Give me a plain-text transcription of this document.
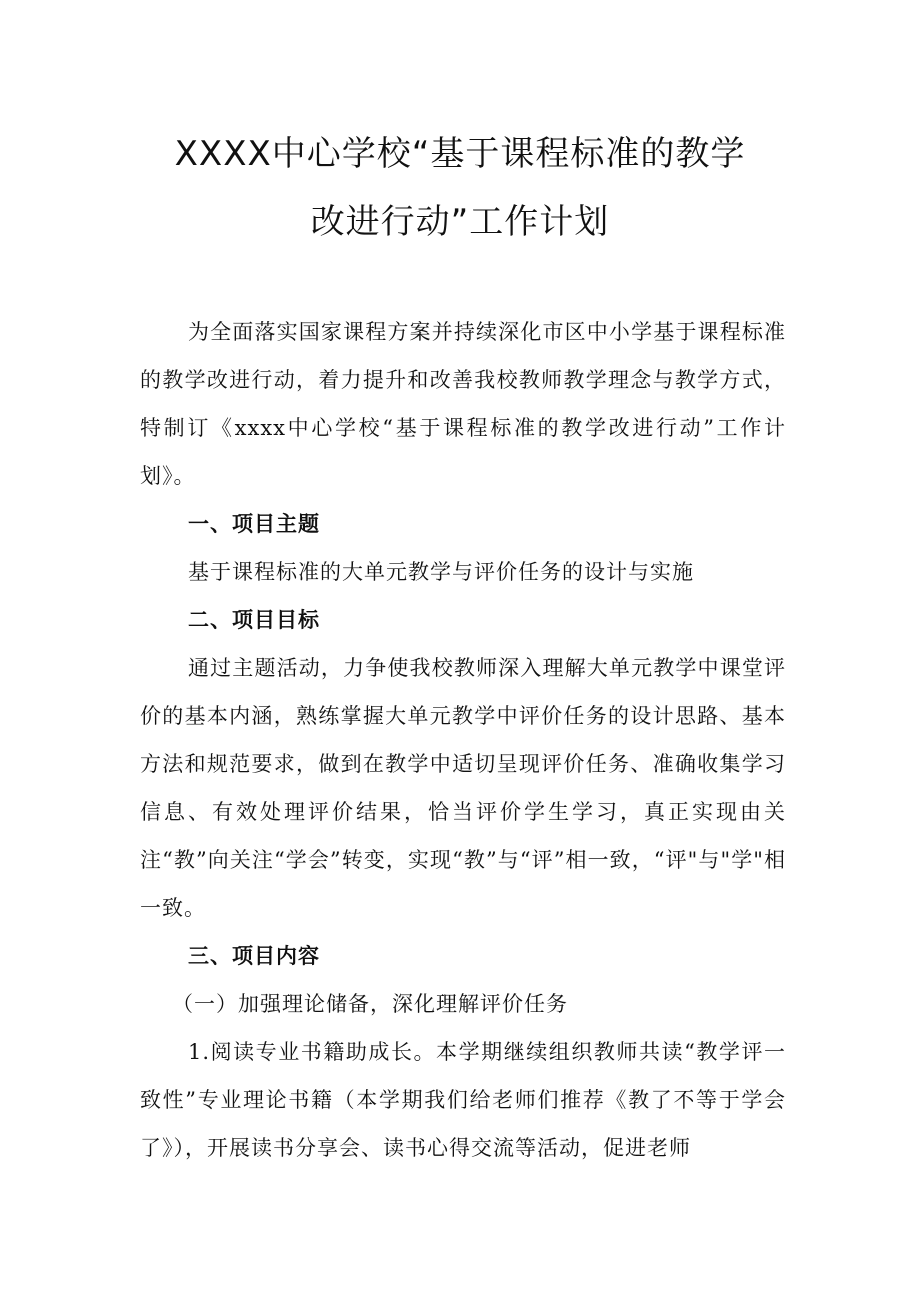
XXXX中心学校“基于课程标准的教学
改进行动”工作计划

为全面落实国家课程方案并持续深化市区中小学基于课程标准的教学改进行动，着力提升和改善我校教师教学理念与教学方式，特制订《xxxx中心学校“基于课程标准的教学改进行动”工作计划》。

一、项目主题

基于课程标准的大单元教学与评价任务的设计与实施

二、项目目标

通过主题活动，力争使我校教师深入理解大单元教学中课堂评价的基本内涵，熟练掌握大单元教学中评价任务的设计思路、基本方法和规范要求，做到在教学中适切呈现评价任务、准确收集学习信息、有效处理评价结果，恰当评价学生学习，真正实现由关注“教”向关注“学会”转变，实现“教”与“评”相一致，“评"与"学"相一致。

三、项目内容

（一）加强理论储备，深化理解评价任务

1.阅读专业书籍助成长。本学期继续组织教师共读“教学评一致性”专业理论书籍（本学期我们给老师们推荐《教了不等于学会了》），开展读书分享会、读书心得交流等活动，促进老师
